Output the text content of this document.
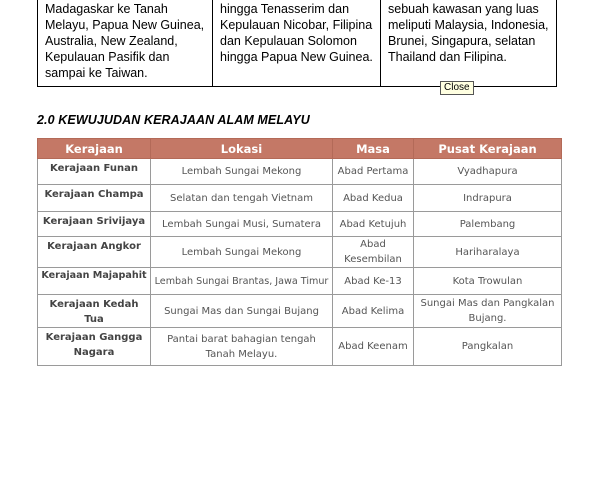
Madagaskar ke Tanah
Melayu, Papua New Guinea,
Australia, New Zealand,
Kepulauan Pasifik dan
sampai ke Taiwan.
hingga Tenasserim dan
Kepulauan Nicobar, Filipina
dan Kepulauan Solomon
hingga Papua New Guinea.
sebuah kawasan yang luas
meliputi Malaysia, Indonesia,
Brunei, Singapura, selatan
Thailand dan Filipina.
Close
2.0 KEWUJUDAN KERAJAAN ALAM MELAYU
Kerajaan	Lokasi	Masa	Pusat Kerajaan
Kerajaan Funan	Lembah Sungai Mekong	Abad Pertama	Vyadhapura
Kerajaan Champa	Selatan dan tengah Vietnam	Abad Kedua	Indrapura
Kerajaan Srivijaya	Lembah Sungai Musi, Sumatera	Abad Ketujuh	Palembang
Kerajaan Angkor	Lembah Sungai Mekong	Abad Kesembilan	Hariharalaya
Kerajaan Majapahit	Lembah Sungai Brantas, Jawa Timur	Abad Ke-13	Kota Trowulan
Kerajaan Kedah Tua	Sungai Mas dan Sungai Bujang	Abad Kelima	Sungai Mas dan Pangkalan Bujang.
Kerajaan Gangga Nagara	Pantai barat bahagian tengah Tanah Melayu.	Abad Keenam	Pangkalan
